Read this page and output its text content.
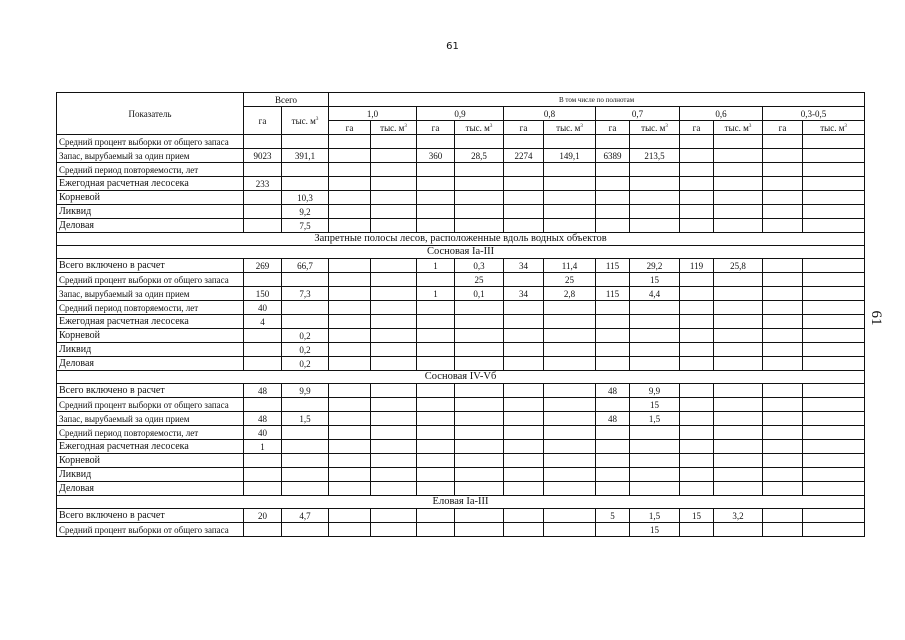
61
61
Показатель	Всего		В том числе по полнотам											
	га	тыс. $м^3$	1,0		0,9		0,8		0,7		0,6		0,3-0,5	
			га	тыс. $м^3$	га	тыс. $м^3$	га	тыс. $м^3$	га	тыс. $м^3$	га	тыс. $м^3$	га	тыс. $м^3$
Средний процент выборки от общего запаса														
Запас, вырубаемый за один прием	9023	391,1			360	28,5	2274	149,1	6389	213,5				
Средний период повторяемости, лет														
Ежегодная расчетная лесосека	233													
Корневой		10,3												
Ликвид		9,2												
Деловая		7,5												
Запретные полосы лесов, расположенные вдоль водных объектов														
Сосновая Iа-III														
Всего включено в расчет	269	66,7			1	0,3	34	11,4	115	29,2	119	25,8		
Средний процент выборки от общего запаса						25		25		15				
Запас, вырубаемый за один прием	150	7,3			1	0,1	34	2,8	115	4,4				
Средний период повторяемости, лет	40													
Ежегодная расчетная лесосека	4													
Корневой		0,2												
Ликвид		0,2												
Деловая		0,2												
Сосновая IV-Vб														
Всего включено в расчет	48	9,9							48	9,9				
Средний процент выборки от общего запаса										15				
Запас, вырубаемый за один прием	48	1,5							48	1,5				
Средний период повторяемости, лет	40													
Ежегодная расчетная лесосека	1													
Корневой														
Ликвид														
Деловая														
Еловая Iа-III														
Всего включено в расчет	20	4,7							5	1,5	15	3,2		
Средний процент выборки от общего запаса										15				
